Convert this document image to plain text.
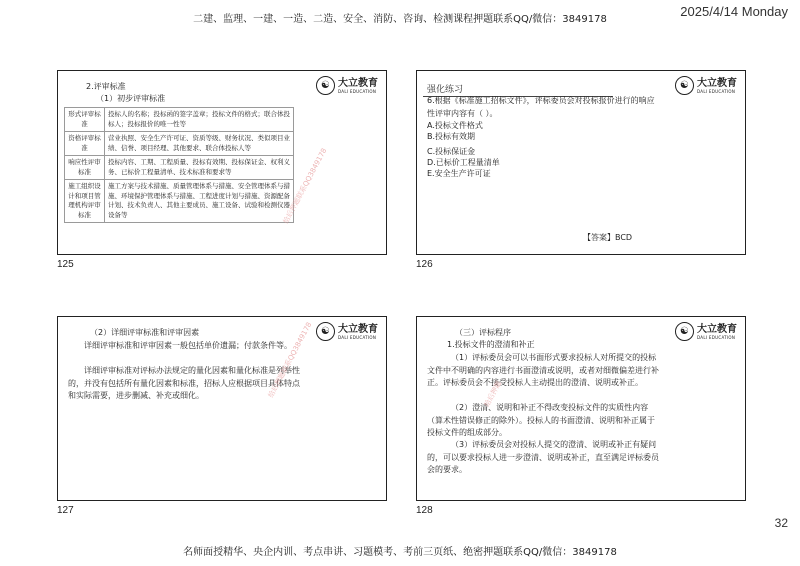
二建、监理、一建、一造、二造、安全、消防、咨询、检测课程押题联系QQ/微信：3849178
2025/4/14 Monday
☯ 大立教育
DALI EDUCATION
2.评审标准
（1）初步评审标准
形式评审标准	投标人的名称；投标函的签字盖章；投标文件的格式；联合体投标人；投标报价的唯一性等
资格评审标准	营业执照、安全生产许可证、资质等级、财务状况、类似项目业绩、信誉、项目经理、其他要求、联合体投标人等
响应性评审标准	投标内容、工期、工程质量、投标有效期、投标保证金、权利义务、已标价工程量清单、技术标准和要求等
施工组织设计和项目管理机构评审标准	施工方案与技术措施、质量管理体系与措施、安全管理体系与措施、环境保护管理体系与措施、工程进度计划与措施、资源配备计划、技术负责人、其他主要成员、施工设备、试验和检测仪器设备等	给后押题联系QQ3849178
125
☯ 大立教育
DALI EDUCATION
强化练习
6.根据《标准施工招标文件》，评标委员会对投标报价进行的响应性评审内容有（ ）。
A.投标文件格式
B.投标有效期
C.投标保证金
D.已标价工程量清单
E.安全生产许可证
【答案】BCD
126
☯ 大立教育
DALI EDUCATION
（2）详细评审标准和评审因素
详细评审标准和评审因素一般包括单价遗漏；付款条件等。
详细评审标准对评标办法规定的量化因素和量化标准是列举性的，并没有包括所有量化因素和标准，招标人应根据项目具体特点和实际需要，进步删减、补充或细化。	给后押题联系QQ3849178
127
☯ 大立教育
DALI EDUCATION
（三）评标程序
1.投标文件的澄清和补正
（1）评标委员会可以书面形式要求投标人对所提交的投标文件中不明确的内容进行书面澄清或说明，或者对细微偏差进行补正。评标委员会不接受投标人主动提出的澄清、说明或补正。
（2）澄清、说明和补正不得改变投标文件的实质性内容（算术性错误修正的除外）。投标人的书面澄清、说明和补正属于投标文件的组成部分。
（3）评标委员会对投标人提交的澄清、说明或补正有疑问的，可以要求投标人进一步澄清、说明或补正，直至满足评标委员会的要求。
给后押题
128
32
名师面授精华、央企内训、考点串讲、习题模考、考前三页纸、绝密押题联系QQ/微信：3849178
